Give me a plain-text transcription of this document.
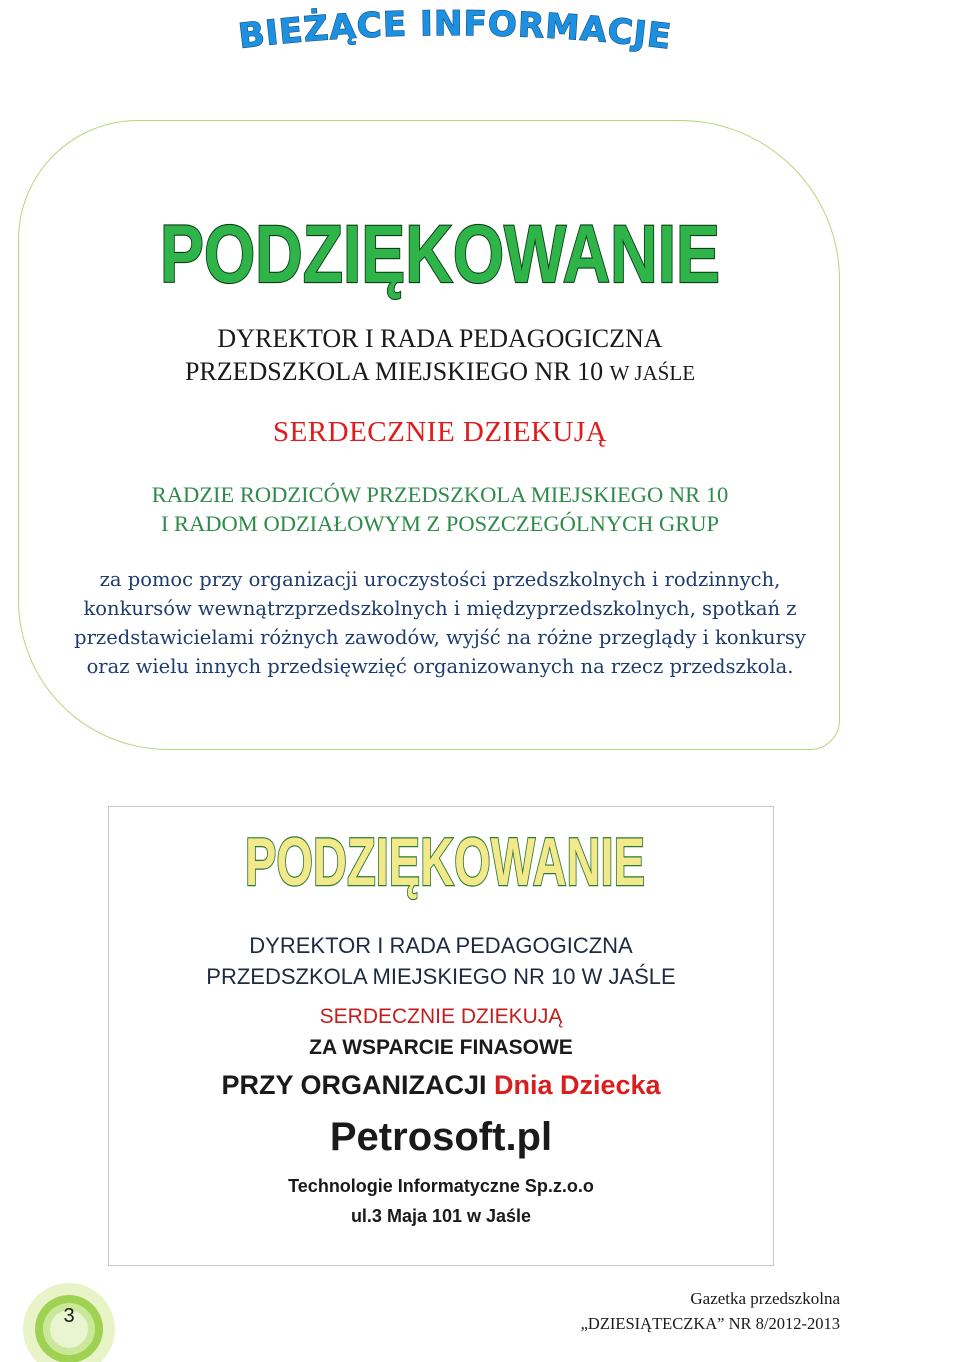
BIEŻĄCE INFORMACJE
PODZIĘKOWANIE
DYREKTOR I RADA PEDAGOGICZNA
PRZEDSZKOLA MIEJSKIEGO NR 10 W JAŚLE
SERDECZNIE DZIEKUJĄ
RADZIE RODZICÓW PRZEDSZKOLA MIEJSKIEGO NR 10
I RADOM ODZIAŁOWYM Z POSZCZEGÓLNYCH GRUP
za pomoc przy organizacji uroczystości przedszkolnych i rodzinnych, konkursów wewnątrzprzedszkolnych i międzyprzedszkolnych, spotkań z przedstawicielami różnych zawodów, wyjść na różne przeglądy i konkursy oraz wielu innych przedsięwzięć organizowanych na rzecz przedszkola.
PODZIĘKOWANIE
DYREKTOR I RADA PEDAGOGICZNA
PRZEDSZKOLA MIEJSKIEGO NR 10 W JAŚLE
SERDECZNIE DZIEKUJĄ
ZA WSPARCIE FINASOWE
PRZY ORGANIZACJI Dnia Dziecka
Petrosoft.pl
Technologie Informatyczne Sp.z.o.o
ul.3 Maja 101 w Jaśle
3
Gazetka przedszkolna
„DZIESIĄTECZKA” NR 8/2012-2013
